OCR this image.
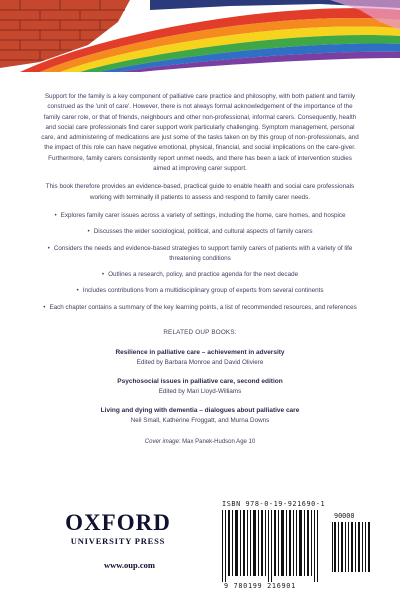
Support for the family is a key component of palliative care practice and philosophy, with both patient and family construed as the 'unit of care'. However, there is not always formal acknowledgement of the importance of the family carer role, or that of friends, neighbours and other non-professional, informal carers. Consequently, health and social care professionals find carer support work particularly challenging. Symptom management, personal care, and administering of medications are just some of the tasks taken on by this group of non-professionals, and the impact of this role can have negative emotional, physical, financial, and social implications on the care-giver. Furthermore, family carers consistently report unmet needs, and there has been a lack of intervention studies aimed at improving carer support.

This book therefore provides an evidence-based, practical guide to enable health and social care professionals working with terminally ill patients to assess and respond to family carer needs.

• Explores family carer issues across a variety of settings, including the home, care homes, and hospice
• Discusses the wider sociological, political, and cultural aspects of family carers
• Considers the needs and evidence-based strategies to support family carers of patients with a variety of life threatening conditions
• Outlines a research, policy, and practice agenda for the next decade
• Includes contributions from a multidisciplinary group of experts from several continents
• Each chapter contains a summary of the key learning points, a list of recommended resources, and references
RELATED OUP BOOKS:
Resilience in palliative care – achievement in adversity
Edited by Barbara Monroe and David Oliviere
Psychosocial issues in palliative care, second edition
Edited by Mari Lloyd-Williams
Living and dying with dementia – dialogues about palliative care
Neil Small, Katherine Froggatt, and Murna Downs
Cover image: Max Panek-Hudson Age 10
OXFORD
UNIVERSITY PRESS
www.oup.com
ISBN 978-0-19-921690-1
90000
9 780199 216901
